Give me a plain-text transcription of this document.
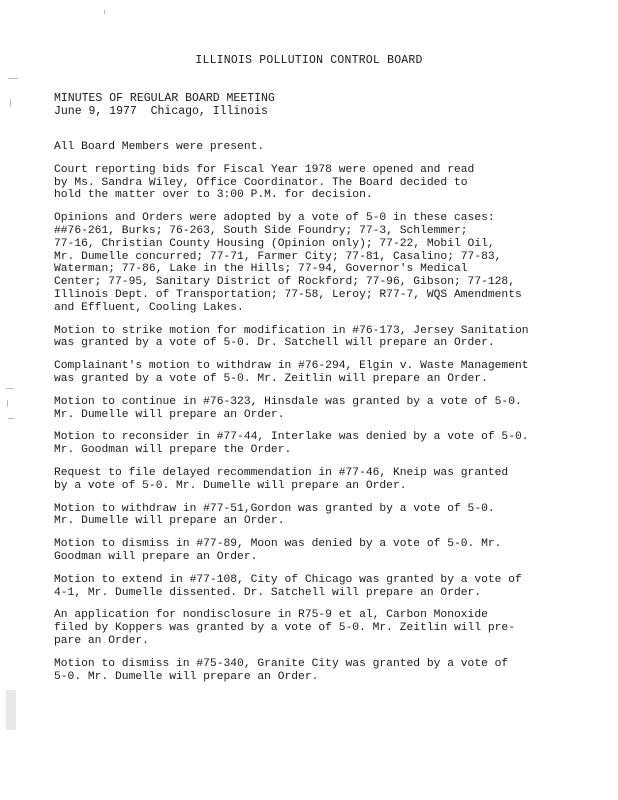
ILLINOIS POLLUTION CONTROL BOARD
MINUTES OF REGULAR BOARD MEETING
June 9, 1977  Chicago, Illinois

All Board Members were present.

Court reporting bids for Fiscal Year 1978 were opened and read
by Ms. Sandra Wiley, Office Coordinator. The Board decided to
hold the matter over to 3:00 P.M. for decision.

Opinions and Orders were adopted by a vote of 5-0 in these cases:
##76-261, Burks; 76-263, South Side Foundry; 77-3, Schlemmer;
77-16, Christian County Housing (Opinion only); 77-22, Mobil Oil,
Mr. Dumelle concurred; 77-71, Farmer City; 77-81, Casalino; 77-83,
Waterman; 77-86, Lake in the Hills; 77-94, Governor's Medical
Center; 77-95, Sanitary District of Rockford; 77-96, Gibson; 77-128,
Illinois Dept. of Transportation; 77-58, Leroy; R77-7, WQS Amendments
and Effluent, Cooling Lakes.

Motion to strike motion for modification in #76-173, Jersey Sanitation
was granted by a vote of 5-0. Dr. Satchell will prepare an Order.

Complainant's motion to withdraw in #76-294, Elgin v. Waste Management
was granted by a vote of 5-0. Mr. Zeitlin will prepare an Order.

Motion to continue in #76-323, Hinsdale was granted by a vote of 5-0.
Mr. Dumelle will prepare an Order.

Motion to reconsider in #77-44, Interlake was denied by a vote of 5-0.
Mr. Goodman will prepare the Order.

Request to file delayed recommendation in #77-46, Kneip was granted
by a vote of 5-0. Mr. Dumelle will prepare an Order.

Motion to withdraw in #77-51,Gordon was granted by a vote of 5-0.
Mr. Dumelle will prepare an Order.

Motion to dismiss in #77-89, Moon was denied by a vote of 5-0. Mr.
Goodman will prepare an Order.

Motion to extend in #77-108, City of Chicago was granted by a vote of
4-1, Mr. Dumelle dissented. Dr. Satchell will prepare an Order.

An application for nondisclosure in R75-9 et al, Carbon Monoxide
filed by Koppers was granted by a vote of 5-0. Mr. Zeitlin will pre-
pare an Order.

Motion to dismiss in #75-340, Granite City was granted by a vote of
5-0. Mr. Dumelle will prepare an Order.
